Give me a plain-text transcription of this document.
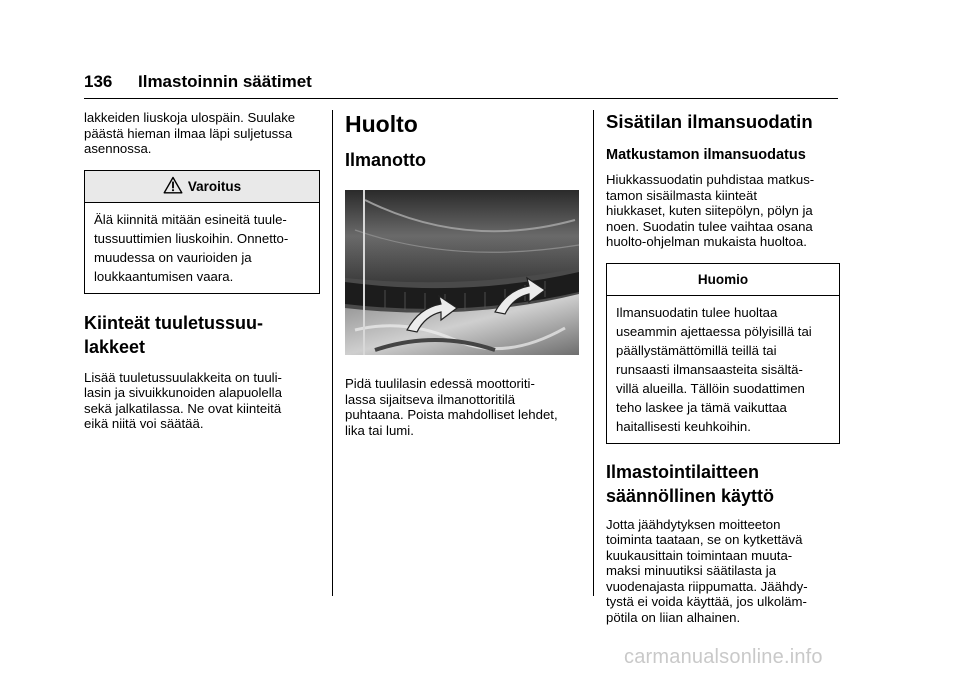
136 Ilmastoinnin säätimet

lakkeiden liuskoja ulospäin. Suulake
päästä hieman ilmaa läpi suljetussa
asennossa.

Varoitus
Älä kiinnitä mitään esineitä tuule-
tussuuttimien liuskoihin. Onnetto-
muudessa on vaurioiden ja
loukkaantumisen vaara.
Kiinteät tuuletussuu-
lakkeet

Lisää tuuletussuulakkeita on tuuli-
lasin ja sivuikkunoiden alapuolella
sekä jalkatilassa. Ne ovat kiinteitä
eikä niitä voi säätää.

Huolto
Ilmanotto

Pidä tuulilasin edessä moottoriti-
lassa sijaitseva ilmanottoritilä
puhtaana. Poista mahdolliset lehdet,
lika tai lumi.

Sisätilan ilmansuodatin
Matkustamon ilmansuodatus

Hiukkassuodatin puhdistaa matkus-
tamon sisäilmasta kiinteät
hiukkaset, kuten siitepölyn, pölyn ja
noen. Suodatin tulee vaihtaa osana
huolto-ohjelman mukaista huoltoa.

Huomio
Ilmansuodatin tulee huoltaa
useammin ajettaessa pölyisillä tai
päällystämättömillä teillä tai
runsaasti ilmansaasteita sisältä-
villä alueilla. Tällöin suodattimen
teho laskee ja tämä vaikuttaa
haitallisesti keuhkoihin.
Ilmastointilaitteen
säännöllinen käyttö

Jotta jäähdytyksen moitteeton
toiminta taataan, se on kytkettävä
kuukausittain toimintaan muuta-
maksi minuutiksi säätilasta ja
vuodenajasta riippumatta. Jäähdy-
tystä ei voida käyttää, jos ulkoläm-
pötila on liian alhainen.

carmanualsonline.info
